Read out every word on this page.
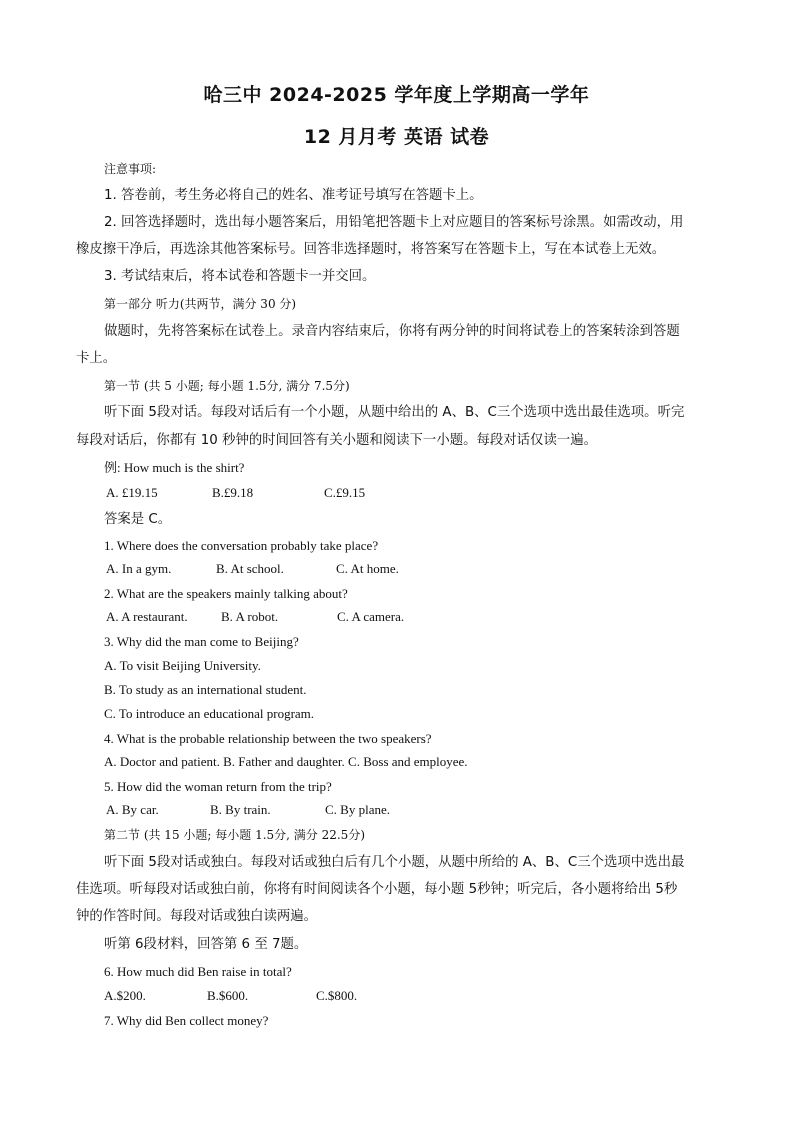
哈三中 2024-2025 学年度上学期高一学年
12 月月考 英语 试卷
注意事项:
1. 答卷前，考生务必将自己的姓名、准考证号填写在答题卡上。
2. 回答选择题时，选出每小题答案后，用铅笔把答题卡上对应题目的答案标号涂黑。如需改动，用
橡皮擦干净后，再选涂其他答案标号。回答非选择题时，将答案写在答题卡上，写在本试卷上无效。
3. 考试结束后，将本试卷和答题卡一并交回。
第一部分 听力(共两节，满分 30 分)
做题时，先将答案标在试卷上。录音内容结束后，你将有两分钟的时间将试卷上的答案转涂到答题
卡上。
第一节 (共 5 小题; 每小题 1.5分, 满分 7.5分)
听下面 5段对话。每段对话后有一个小题，从题中给出的 A、B、C三个选项中选出最佳选项。听完
每段对话后，你都有 10 秒钟的时间回答有关小题和阅读下一小题。每段对话仅读一遍。
例: How much is the shirt?
A. £19.15	B.£9.18	C.£9.15
答案是 C。
1. Where does the conversation probably take place?
A. In a gym.	B. At school.	C. At home.
2. What are the speakers mainly talking about?
A. A restaurant.	B. A robot.	C. A camera.
3. Why did the man come to Beijing?
A. To visit Beijing University.
B. To study as an international student.
C. To introduce an educational program.
4. What is the probable relationship between the two speakers?
A. Doctor and patient. B. Father and daughter. C. Boss and employee.
5. How did the woman return from the trip?
A. By car.	B. By train.	C. By plane.
第二节 (共 15 小题; 每小题 1.5分, 满分 22.5分)
听下面 5段对话或独白。每段对话或独白后有几个小题，从题中所给的 A、B、C三个选项中选出最
佳选项。听每段对话或独白前，你将有时间阅读各个小题，每小题 5秒钟；听完后，各小题将给出 5秒
钟的作答时间。每段对话或独白读两遍。
听第 6段材料，回答第 6 至 7题。
6. How much did Ben raise in total?
A.$200.	B.$600.	C.$800.
7. Why did Ben collect money?
